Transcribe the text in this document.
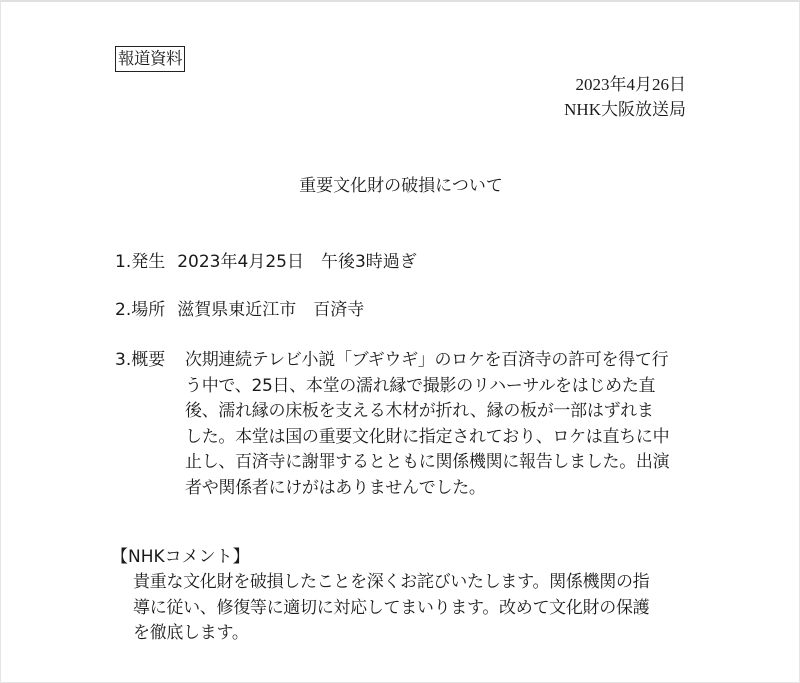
報道資料
2023年4月26日
NHK大阪放送局
重要文化財の破損について
1.発生 2023年4月25日　午後3時過ぎ
2.場所 滋賀県東近江市　百済寺
3.概要 次期連続テレビ小説「ブギウギ」のロケを百済寺の許可を得て行
う中で、25日、本堂の濡れ縁で撮影のリハーサルをはじめた直
後、濡れ縁の床板を支える木材が折れ、縁の板が一部はずれま
した。本堂は国の重要文化財に指定されており、ロケは直ちに中
止し、百済寺に謝罪するとともに関係機関に報告しました。出演
者や関係者にけがはありませんでした。
【NHKコメント】
貴重な文化財を破損したことを深くお詫びいたします。関係機関の指
導に従い、修復等に適切に対応してまいります。改めて文化財の保護
を徹底します。
